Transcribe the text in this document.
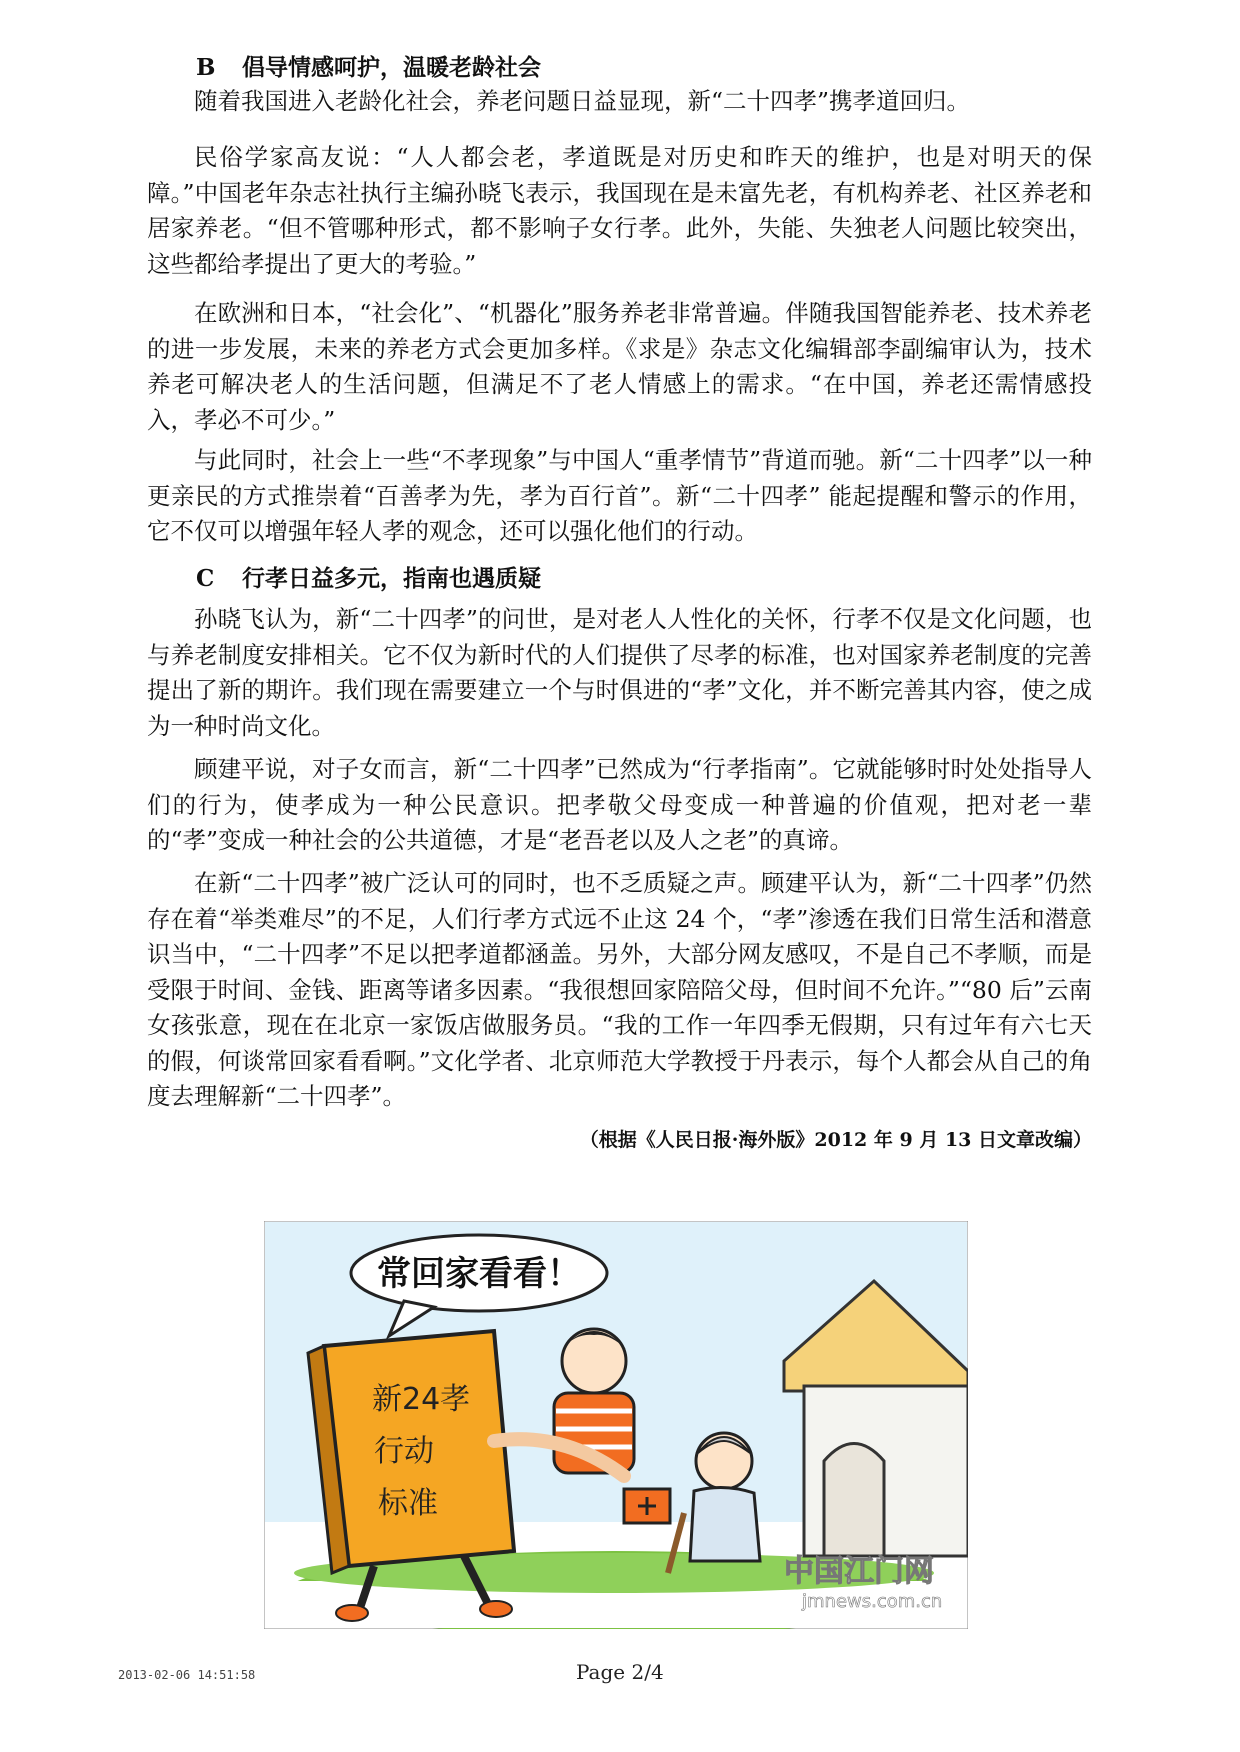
B 倡导情感呵护，温暖老龄社会

随着我国进入老龄化社会，养老问题日益显现，新“二十四孝”携孝道回归。

民俗学家高友说：“人人都会老，孝道既是对历史和昨天的维护，也是对明天的保障。”中国老年杂志社执行主编孙晓飞表示，我国现在是未富先老，有机构养老、社区养老和居家养老。“但不管哪种形式，都不影响子女行孝。此外，失能、失独老人问题比较突出，这些都给孝提出了更大的考验。”

在欧洲和日本，“社会化”、“机器化”服务养老非常普遍。伴随我国智能养老、技术养老的进一步发展，未来的养老方式会更加多样。《求是》杂志文化编辑部李副编审认为，技术养老可解决老人的生活问题，但满足不了老人情感上的需求。“在中国，养老还需情感投入，孝必不可少。”

与此同时，社会上一些“不孝现象”与中国人“重孝情节”背道而驰。新“二十四孝”以一种更亲民的方式推崇着“百善孝为先，孝为百行首”。新“二十四孝” 能起提醒和警示的作用，它不仅可以增强年轻人孝的观念，还可以强化他们的行动。

C 行孝日益多元，指南也遇质疑

孙晓飞认为，新“二十四孝”的问世，是对老人人性化的关怀，行孝不仅是文化问题，也与养老制度安排相关。它不仅为新时代的人们提供了尽孝的标准，也对国家养老制度的完善提出了新的期许。我们现在需要建立一个与时俱进的“孝”文化，并不断完善其内容，使之成为一种时尚文化。

顾建平说，对子女而言，新“二十四孝”已然成为“行孝指南”。它就能够时时处处指导人们的行为，使孝成为一种公民意识。把孝敬父母变成一种普遍的价值观，把对老一辈的“孝”变成一种社会的公共道德，才是“老吾老以及人之老”的真谛。

在新“二十四孝”被广泛认可的同时，也不乏质疑之声。顾建平认为，新“二十四孝”仍然存在着“举类难尽”的不足，人们行孝方式远不止这 24 个，“孝”渗透在我们日常生活和潜意识当中，“二十四孝”不足以把孝道都涵盖。另外，大部分网友感叹，不是自己不孝顺，而是受限于时间、金钱、距离等诸多因素。“我很想回家陪陪父母，但时间不允许。”“80 后”云南女孩张意，现在在北京一家饭店做服务员。“我的工作一年四季无假期，只有过年有六七天的假，何谈常回家看看啊。”文化学者、北京师范大学教授于丹表示，每个人都会从自己的角度去理解新“二十四孝”。

（根据《人民日报·海外版》2012 年 9 月 13 日文章改编）
常回家看看！
新24孝
行动
标准
中国江门网
jmnews.com.cn
2013-02-06 14:51:58	Page 2/4
